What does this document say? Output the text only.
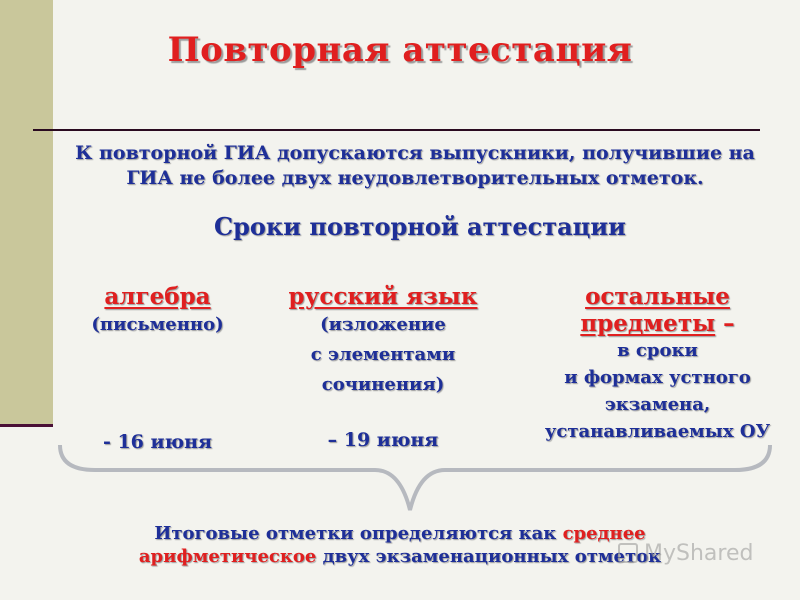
Повторная аттестация
К повторной ГИА допускаются выпускники, получившие на ГИА не более двух неудовлетворительных отметок.
Сроки повторной аттестации
алгебра
(письменно)
- 16 июня
русский язык
(изложение
с элементами
сочинения)
– 19 июня
остальные
предметы –
в сроки
и формах устного
экзамена,
устанавливаемых ОУ
Итоговые отметки определяются как среднее
арифметическое двух экзаменационных отметок
MyShared
